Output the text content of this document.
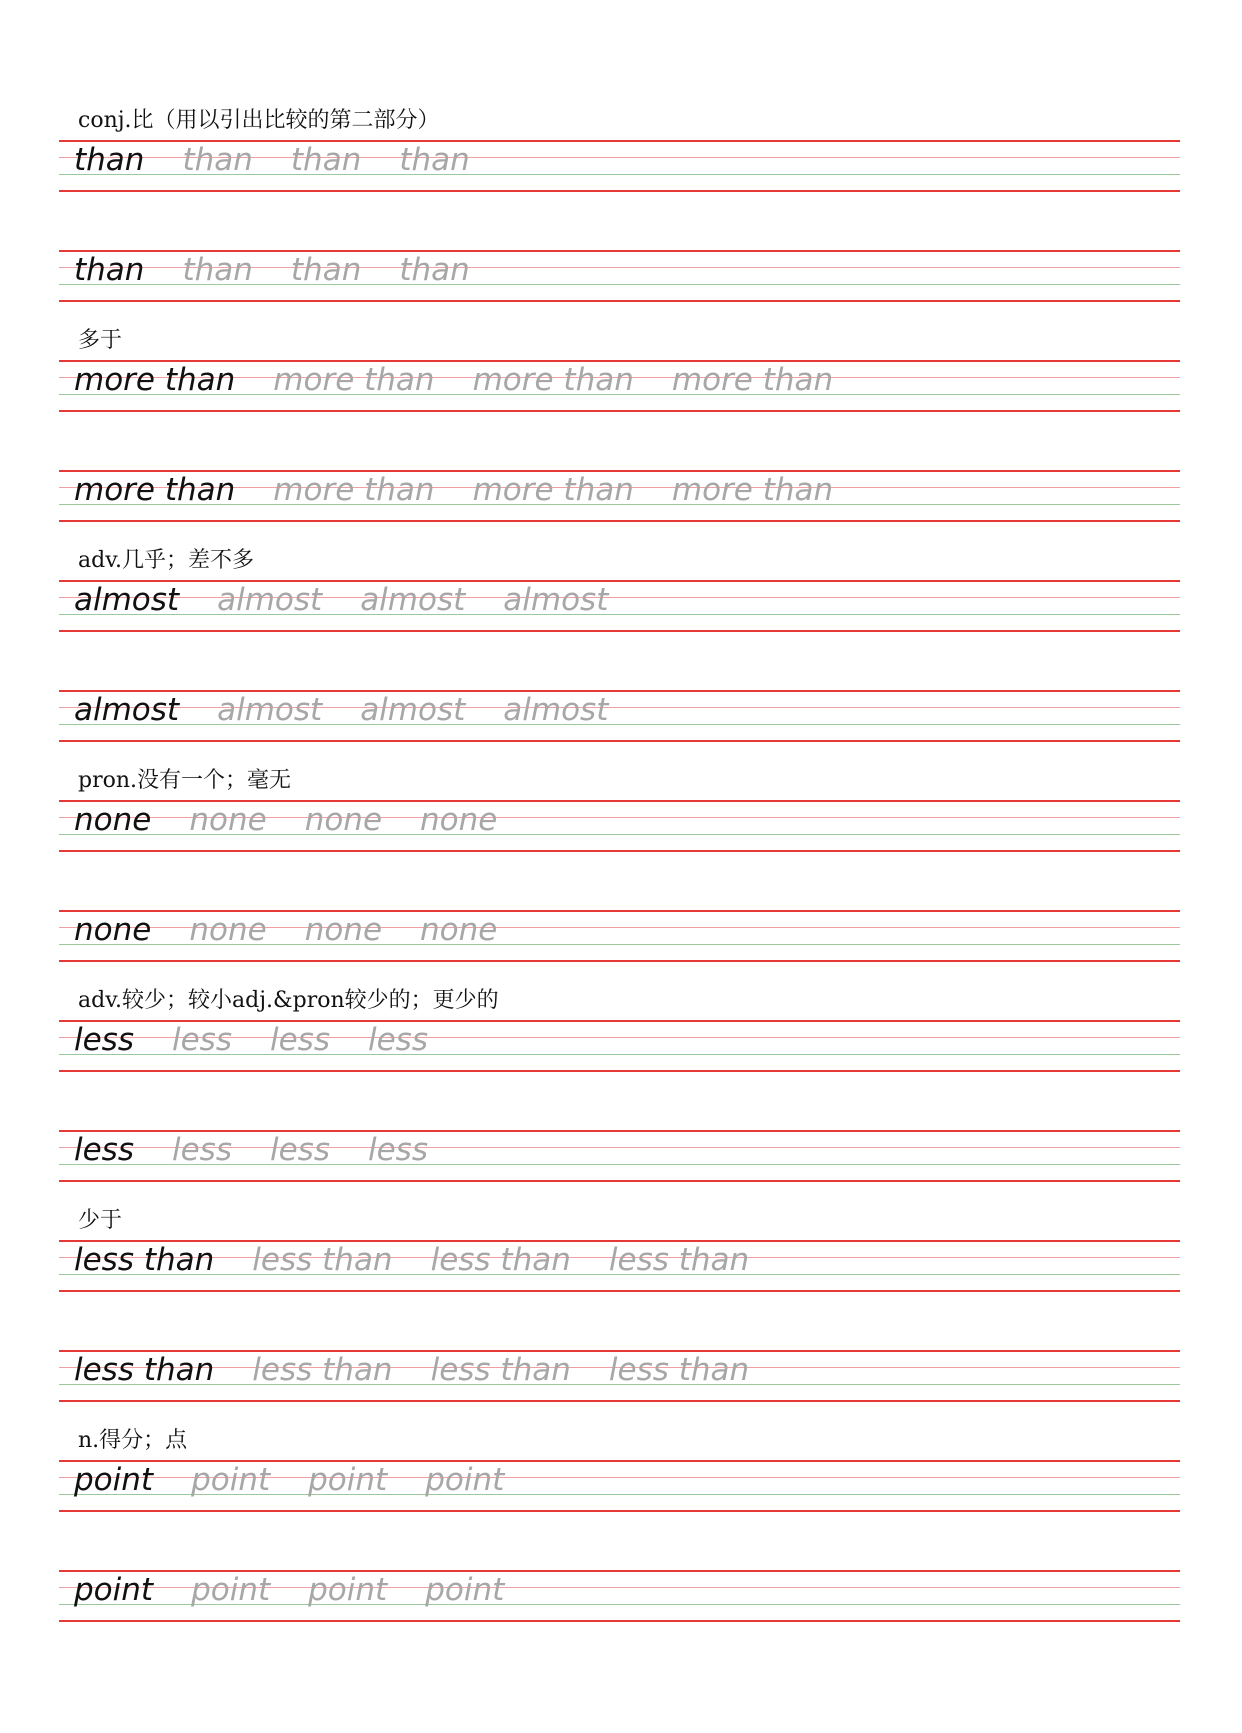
conj.比（用以引出比较的第二部分）
than than than than
than than than than
多于
more than more than more than more than
more than more than more than more than
adv.几乎；差不多
almost almost almost almost
almost almost almost almost
pron.没有一个；毫无
none none none none
none none none none
adv.较少；较小adj.&pron较少的；更少的
less less less less
less less less less
少于
less than less than less than less than
less than less than less than less than
n.得分；点
point point point point
point point point point
